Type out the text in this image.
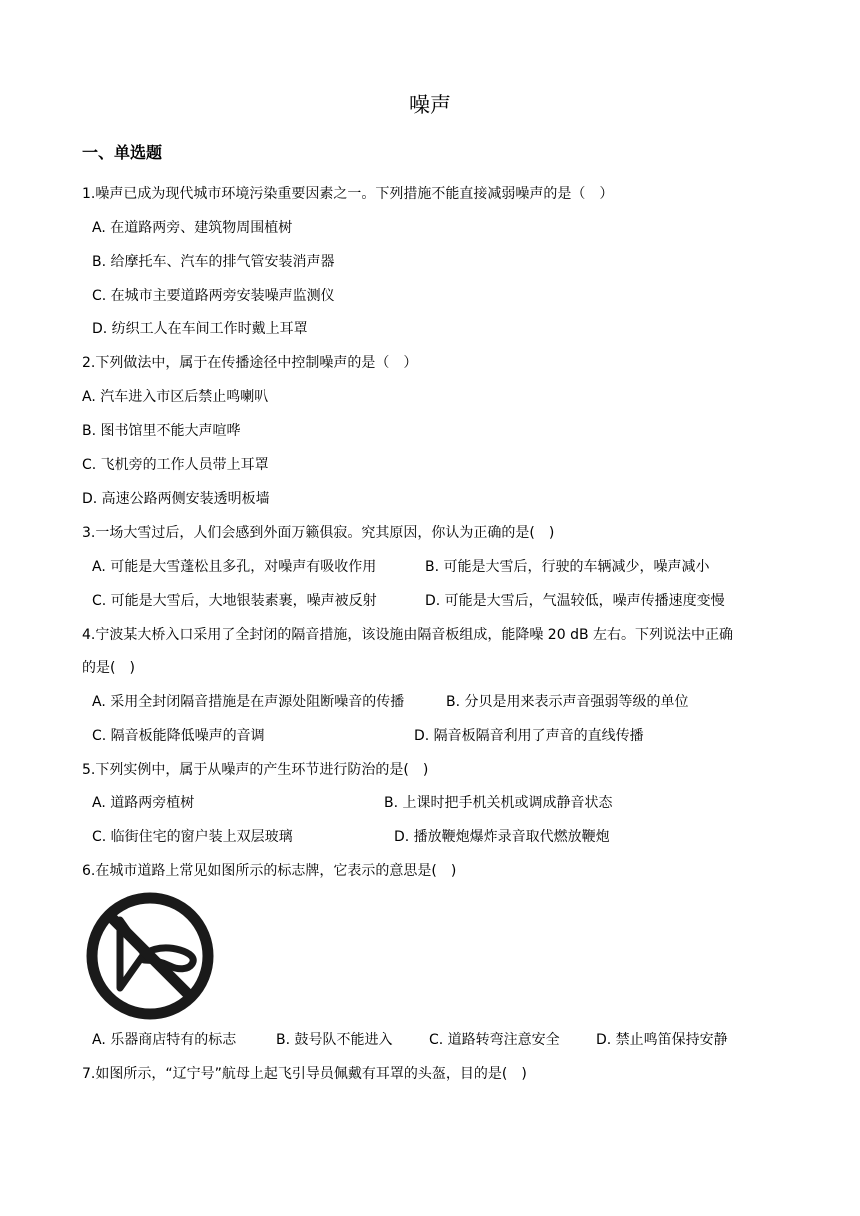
噪声
一、单选题
1.噪声已成为现代城市环境污染重要因素之一。下列措施不能直接减弱噪声的是（　）
A. 在道路两旁、建筑物周围植树
B. 给摩托车、汽车的排气管安装消声器
C. 在城市主要道路两旁安装噪声监测仪
D. 纺织工人在车间工作时戴上耳罩
2.下列做法中，属于在传播途径中控制噪声的是（　）
A. 汽车进入市区后禁止鸣喇叭
B. 图书馆里不能大声喧哗
C. 飞机旁的工作人员带上耳罩
D. 高速公路两侧安装透明板墙
3.一场大雪过后，人们会感到外面万籁俱寂。究其原因，你认为正确的是(　)
A. 可能是大雪蓬松且多孔，对噪声有吸收作用	B. 可能是大雪后，行驶的车辆减少，噪声减小
C. 可能是大雪后，大地银装素裹，噪声被反射	D. 可能是大雪后，气温较低，噪声传播速度变慢
4.宁波某大桥入口采用了全封闭的隔音措施，该设施由隔音板组成，能降噪 20 dB 左右。下列说法中正确
的是(　)
A. 采用全封闭隔音措施是在声源处阻断噪音的传播	B. 分贝是用来表示声音强弱等级的单位
C. 隔音板能降低噪声的音调	D. 隔音板隔音利用了声音的直线传播
5.下列实例中，属于从噪声的产生环节进行防治的是(　)
A. 道路两旁植树	B. 上课时把手机关机或调成静音状态
C. 临街住宅的窗户装上双层玻璃	D. 播放鞭炮爆炸录音取代燃放鞭炮
6.在城市道路上常见如图所示的标志牌，它表示的意思是(　)
A. 乐器商店特有的标志	B. 鼓号队不能进入	C. 道路转弯注意安全	D. 禁止鸣笛保持安静
7.如图所示，“辽宁号”航母上起飞引导员佩戴有耳罩的头盔，目的是(　)
